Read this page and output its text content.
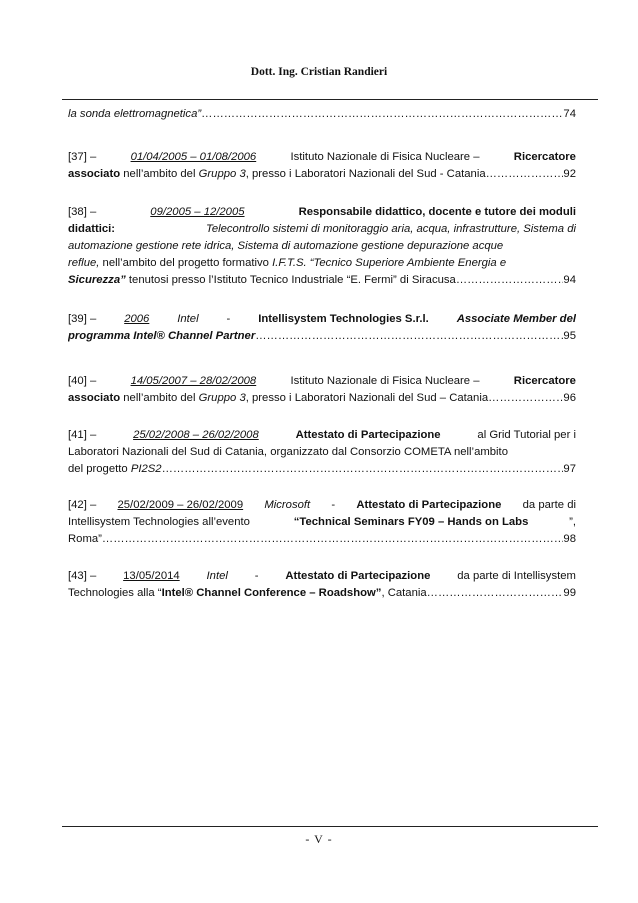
Dott. Ing. Cristian Randieri
la sonda elettromagnetica” ……………………………………………………………………………………………………………………………………………………………………………………………………	74
[37] –	01/04/2005 – 01/08/2006	Istituto Nazionale di Fisica Nucleare –	Ricercatore
associato nell’ambito del Gruppo 3 , presso i Laboratori Nazionali del Sud - Catania ……………………………………………………………………………………………………………………………………………………………………………………………………	92
[38] –	09/2005 – 12/2005	Responsabile didattico, docente e tutore dei moduli
didattici:	Telecontrollo sistemi di monitoraggio aria, acqua, infrastrutture, Sistema di
automazione gestione rete idrica, Sistema di automazione gestione depurazione acque
reflue, nell’ambito del progetto formativo I.F.T.S. “Tecnico Superiore Ambiente Energia e
Sicurezza” tenutosi presso l’Istituto Tecnico Industriale “E. Fermi” di Siracusa ……………………………………………………………………………………………………………………………………………………………………………………………………	94
[39] – 2006 Intel - Intellisystem Technologies S.r.l. Associate Member del
programma Intel® Channel Partner ……………………………………………………………………………………………………………………………………………………………………………………………………	95
[40] –	14/05/2007 – 28/02/2008	Istituto Nazionale di Fisica Nucleare –	Ricercatore
associato nell’ambito del Gruppo 3 , presso i Laboratori Nazionali del Sud – Catania ……………………………………………………………………………………………………………………………………………………………………………………………………	96
[41] –	25/02/2008 – 26/02/2008	Attestato di Partecipazione	al Grid Tutorial per i
Laboratori Nazionali del Sud di Catania, organizzato dal Consorzio COMETA nell’ambito
del progetto PI2S2 ……………………………………………………………………………………………………………………………………………………………………………………………………	97
[42] – 25/02/2009 – 26/02/2009 Microsoft - Attestato di Partecipazione da parte di
Intellisystem Technologies all’evento	“Technical Seminars FY09 – Hands on Labs	”,
Roma” ……………………………………………………………………………………………………………………………………………………………………………………………………	98
[43] – 13/05/2014 Intel - Attestato di Partecipazione da parte di Intellisystem
Technologies alla “ Intel® Channel Conference – Roadshow” , Catania ……………………………………………………………………………………………………………………………………………………………………………………………………	99
- V -
